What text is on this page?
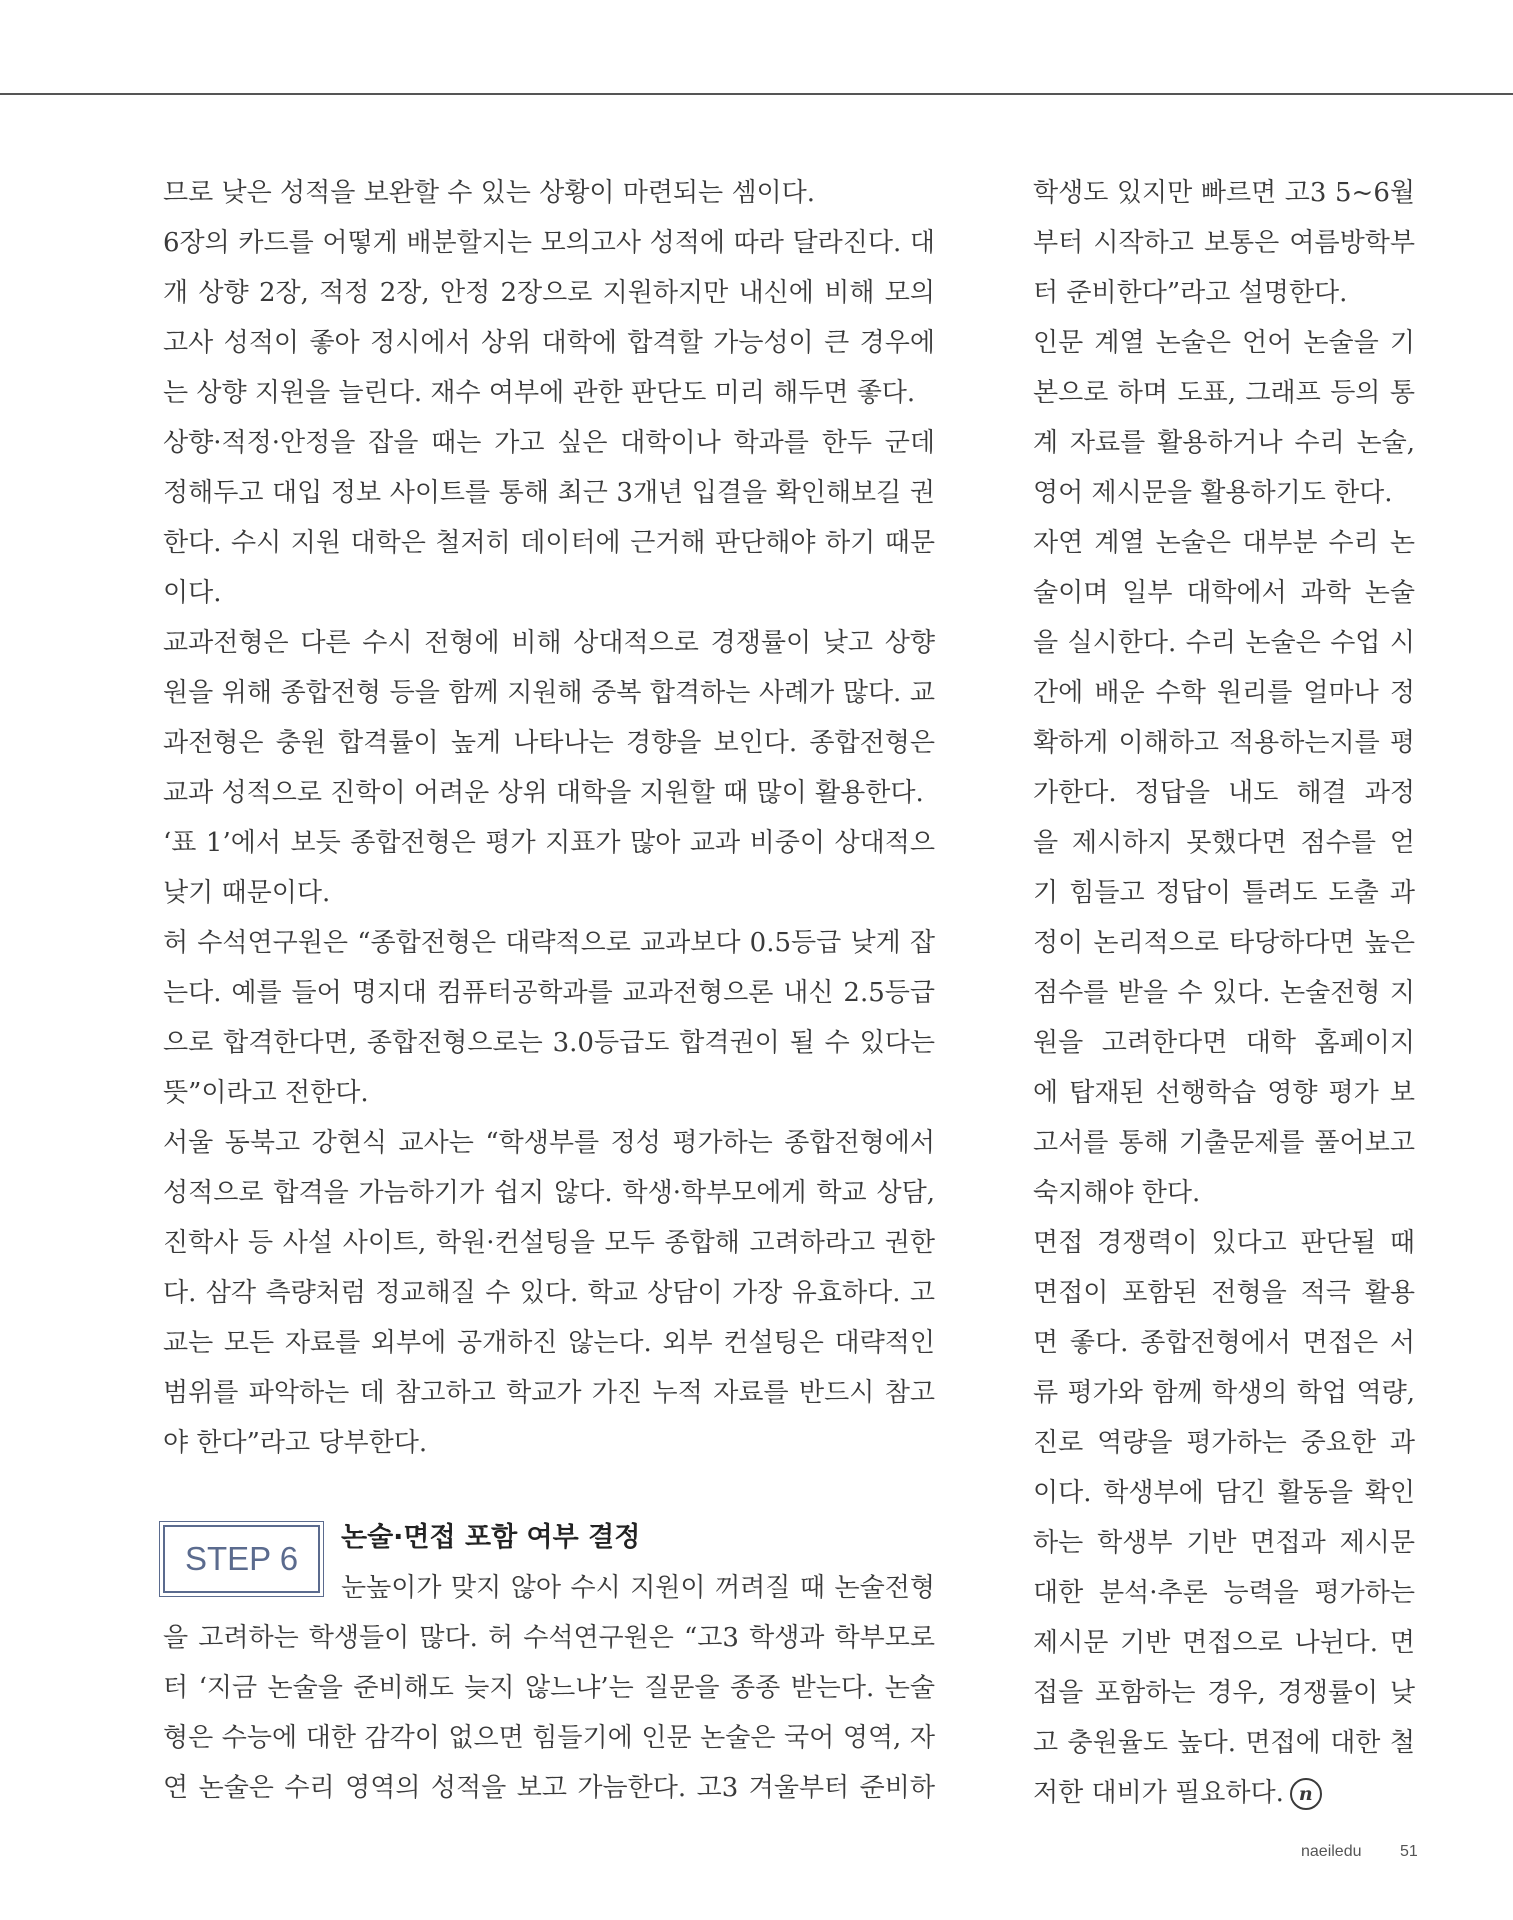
므로 낮은 성적을 보완할 수 있는 상황이 마련되는 셈이다.
6장의 카드를 어떻게 배분할지는 모의고사 성적에 따라 달라진다. 대
개 상향 2장, 적정 2장, 안정 2장으로 지원하지만 내신에 비해 모의
고사 성적이 좋아 정시에서 상위 대학에 합격할 가능성이 큰 경우에
는 상향 지원을 늘린다. 재수 여부에 관한 판단도 미리 해두면 좋다.
상향·적정·안정을 잡을 때는 가고 싶은 대학이나 학과를 한두 군데
정해두고 대입 정보 사이트를 통해 최근 3개년 입결을 확인해보길 권
한다. 수시 지원 대학은 철저히 데이터에 근거해 판단해야 하기 때문
이다.
교과전형은 다른 수시 전형에 비해 상대적으로 경쟁률이 낮고 상향
원을 위해 종합전형 등을 함께 지원해 중복 합격하는 사례가 많다. 교
과전형은 충원 합격률이 높게 나타나는 경향을 보인다. 종합전형은
교과 성적으로 진학이 어려운 상위 대학을 지원할 때 많이 활용한다.
‘표 1’에서 보듯 종합전형은 평가 지표가 많아 교과 비중이 상대적으
낮기 때문이다.
허 수석연구원은 “종합전형은 대략적으로 교과보다 0.5등급 낮게 잡
는다. 예를 들어 명지대 컴퓨터공학과를 교과전형으론 내신 2.5등급
으로 합격한다면, 종합전형으로는 3.0등급도 합격권이 될 수 있다는
뜻”이라고 전한다.
서울 동북고 강현식 교사는 “학생부를 정성 평가하는 종합전형에서
성적으로 합격을 가늠하기가 쉽지 않다. 학생·학부모에게 학교 상담,
진학사 등 사설 사이트, 학원·컨설팅을 모두 종합해 고려하라고 권한
다. 삼각 측량처럼 정교해질 수 있다. 학교 상담이 가장 유효하다. 고
교는 모든 자료를 외부에 공개하진 않는다. 외부 컨설팅은 대략적인
범위를 파악하는 데 참고하고 학교가 가진 누적 자료를 반드시 참고
야 한다”라고 당부한다.
STEP 6
논술·면접 포함 여부 결정
눈높이가 맞지 않아 수시 지원이 꺼려질 때 논술전형
을 고려하는 학생들이 많다. 허 수석연구원은 “고3 학생과 학부모로
터 ‘지금 논술을 준비해도 늦지 않느냐’는 질문을 종종 받는다. 논술
형은 수능에 대한 감각이 없으면 힘들기에 인문 논술은 국어 영역, 자
연 논술은 수리 영역의 성적을 보고 가늠한다. 고3 겨울부터 준비하
학생도 있지만 빠르면 고3 5~6월
부터 시작하고 보통은 여름방학부
터 준비한다”라고 설명한다.
인문 계열 논술은 언어 논술을 기
본으로 하며 도표, 그래프 등의 통
계 자료를 활용하거나 수리 논술,
영어 제시문을 활용하기도 한다.
자연 계열 논술은 대부분 수리 논
술이며 일부 대학에서 과학 논술
을 실시한다. 수리 논술은 수업 시
간에 배운 수학 원리를 얼마나 정
확하게 이해하고 적용하는지를 평
가한다. 정답을 내도 해결 과정
을 제시하지 못했다면 점수를 얻
기 힘들고 정답이 틀려도 도출 과
정이 논리적으로 타당하다면 높은
점수를 받을 수 있다. 논술전형 지
원을 고려한다면 대학 홈페이지
에 탑재된 선행학습 영향 평가 보
고서를 통해 기출문제를 풀어보고
숙지해야 한다.
면접 경쟁력이 있다고 판단될 때
면접이 포함된 전형을 적극 활용
면 좋다. 종합전형에서 면접은 서
류 평가와 함께 학생의 학업 역량,
진로 역량을 평가하는 중요한 과
이다. 학생부에 담긴 활동을 확인
하는 학생부 기반 면접과 제시문
대한 분석·추론 능력을 평가하는
제시문 기반 면접으로 나뉜다. 면
접을 포함하는 경우, 경쟁률이 낮
고 충원율도 높다. 면접에 대한 철
저한 대비가 필요하다. n
naeiledu 51
